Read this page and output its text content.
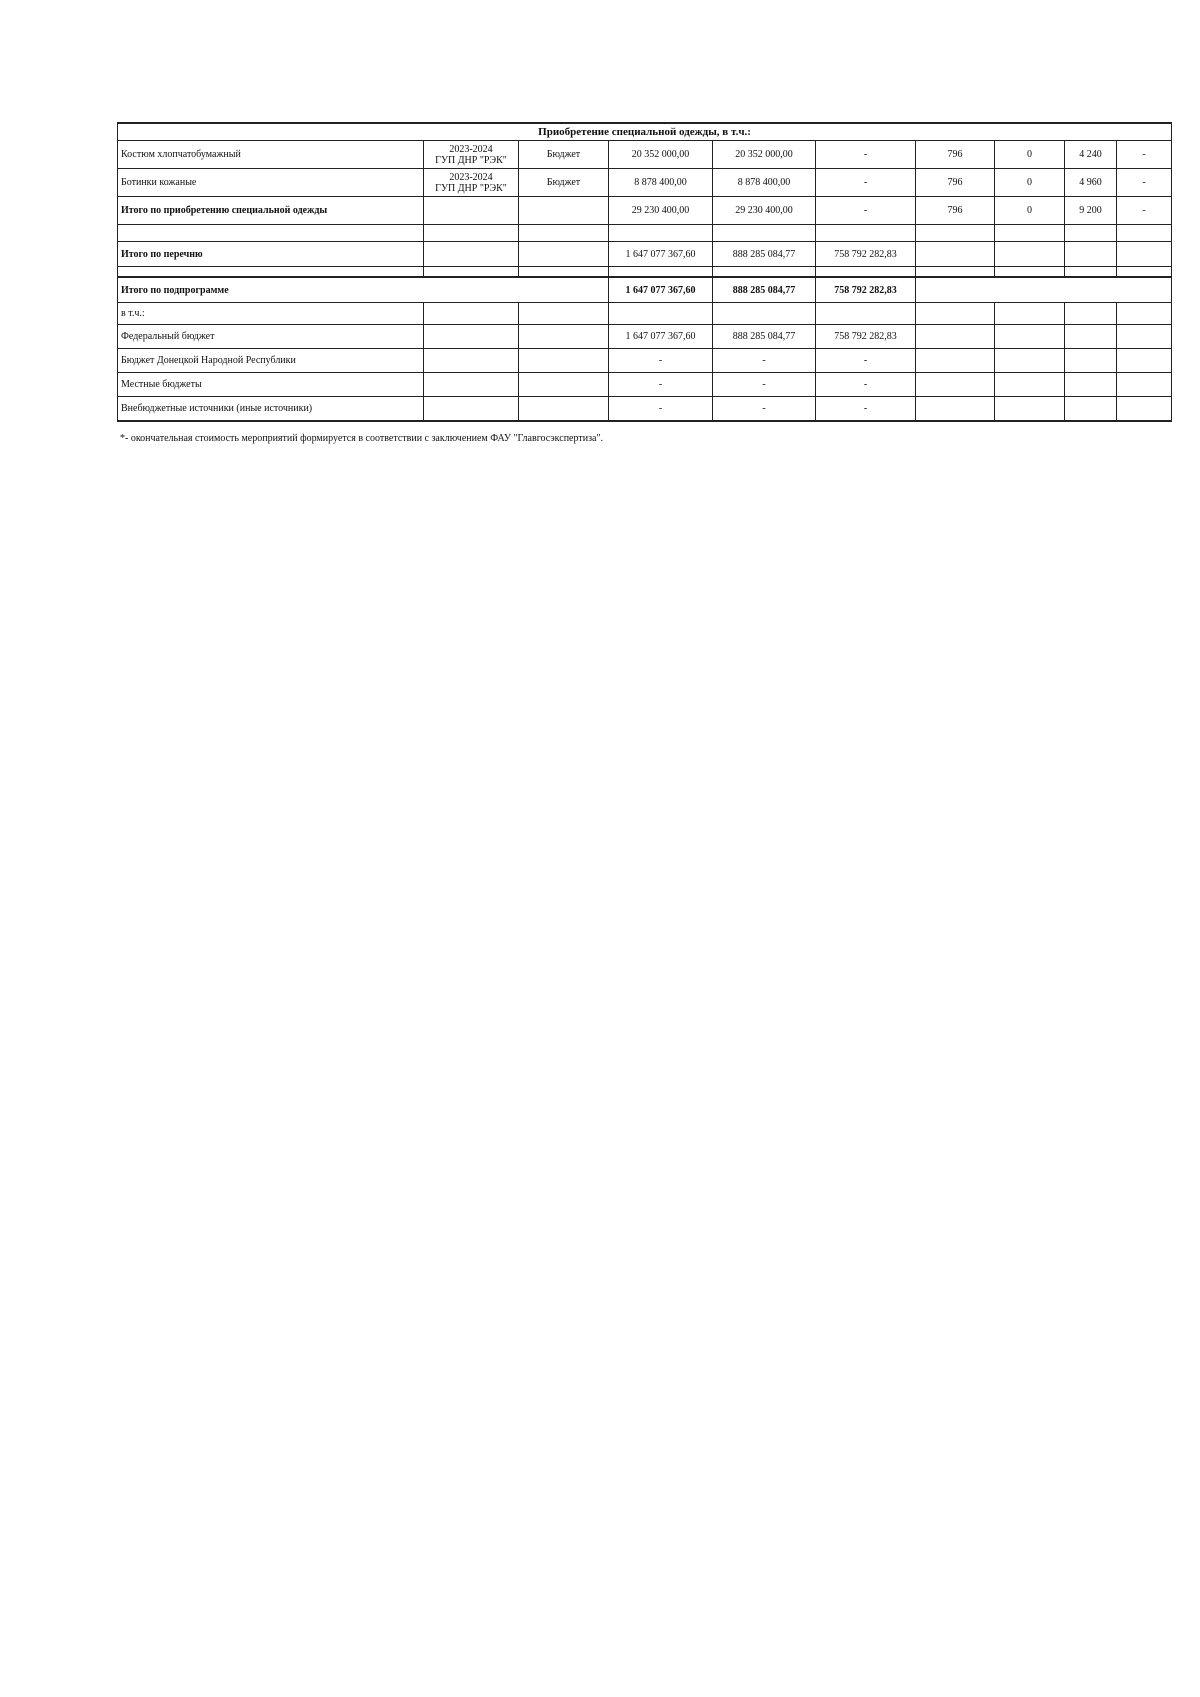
Приобретение специальной одежды, в т.ч.:									
Костюм хлопчатобумажный	2023-2024
ГУП ДНР "РЭК"	Бюджет	20 352 000,00	20 352 000,00	-	796	0	4 240	-
Ботинки кожаные	2023-2024
ГУП ДНР "РЭК"	Бюджет	8 878 400,00	8 878 400,00	-	796	0	4 960	-
Итого по приобретению специальной одежды			29 230 400,00	29 230 400,00	-	796	0	9 200	-

Итого по перечню			1 647 077 367,60	888 285 084,77	758 792 282,83				

Итого по подпрограмме			1 647 077 367,60	888 285 084,77	758 792 282,83				
в т.ч.:									
Федеральный бюджет			1 647 077 367,60	888 285 084,77	758 792 282,83				
Бюджет Донецкой Народной Республики			-	-	-				
Местные бюджеты			-	-	-				
Внебюджетные источники (иные источники)			-	-	-				
*- окончательная стоимость мероприятий формируется в соответствии с заключением ФАУ "Главгосэкспертиза".
